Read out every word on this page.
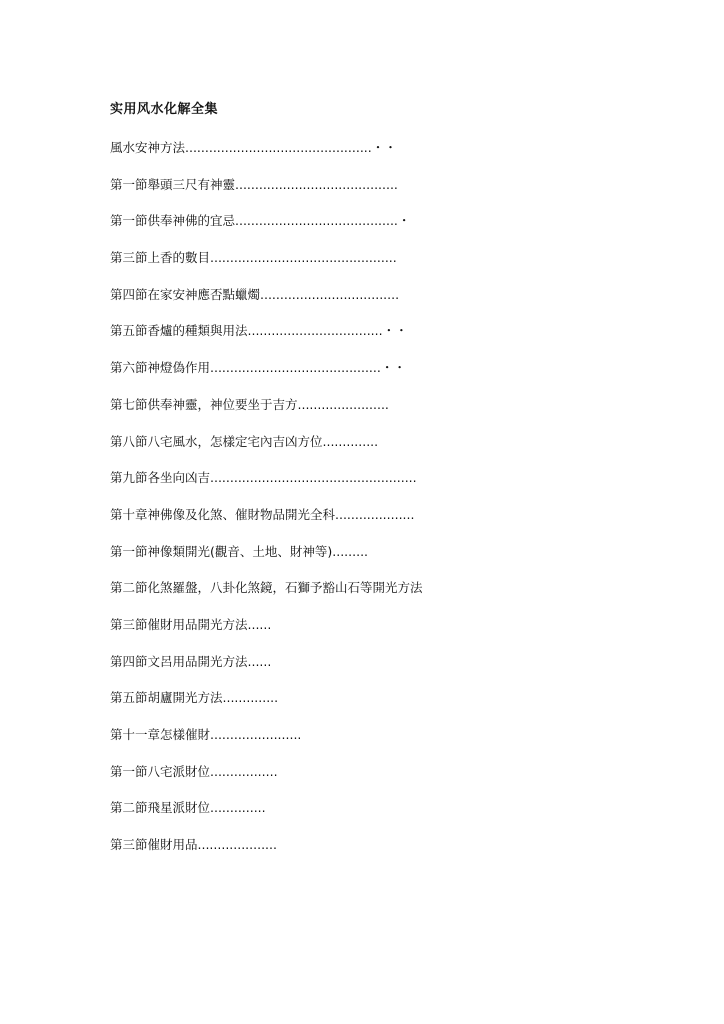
实用风水化解全集
風水安神方法...............................................・・
第一節舉頭三尺有神靈.........................................
第一節供奉神佛的宜忌.........................................・
第三節上香的數目...............................................
第四節在家安神應否點蠟燭...................................
第五節香爐的種類與用法..................................・・
第六節神燈偽作用...........................................・・
第七節供奉神靈，神位要坐于吉方.......................
第八節八宅風水，怎樣定宅內吉凶方位..............
第九節各坐向凶吉....................................................
第十章神佛像及化煞、催財物品開光全科....................
第一節神像類開光(觀音、土地、財神等).........
第二節化煞羅盤，八卦化煞鏡，石獅予豁山石等開光方法
第三節催財用品開光方法......
第四節文呂用品開光方法......
第五節胡廬開光方法..............
第十一章怎樣催財.......................
第一節八宅派財位.................
第二節飛星派財位..............
第三節催財用品....................
